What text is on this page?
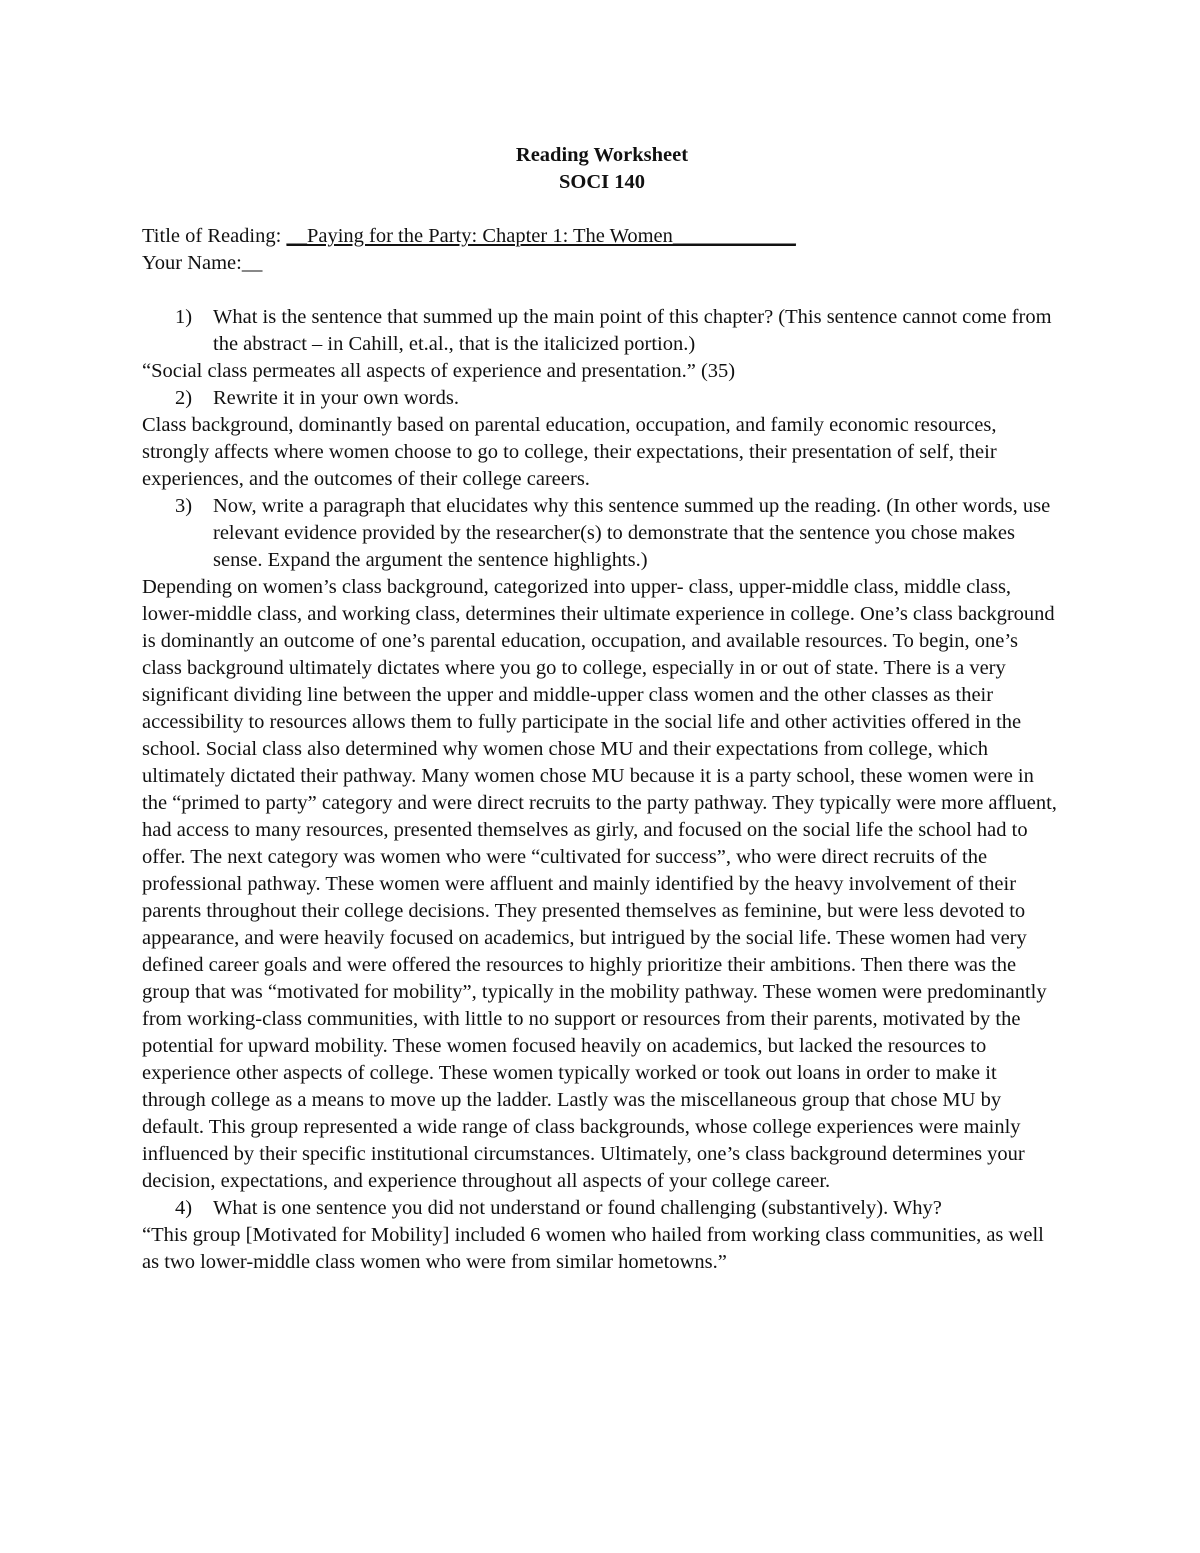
Reading Worksheet
SOCI 140
Title of Reading: __Paying for the Party: Chapter 1: The Women____________
Your Name:__
1) What is the sentence that summed up the main point of this chapter? (This sentence cannot come from the abstract – in Cahill, et.al., that is the italicized portion.)

“Social class permeates all aspects of experience and presentation.” (35)

2) Rewrite it in your own words.

Class background, dominantly based on parental education, occupation, and family economic resources, strongly affects where women choose to go to college, their expectations, their presentation of self, their experiences, and the outcomes of their college careers.

3) Now, write a paragraph that elucidates why this sentence summed up the reading. (In other words, use relevant evidence provided by the researcher(s) to demonstrate that the sentence you chose makes sense. Expand the argument the sentence highlights.)

Depending on women’s class background, categorized into upper- class, upper-middle class, middle class, lower-middle class, and working class, determines their ultimate experience in college. One’s class background is dominantly an outcome of one’s parental education, occupation, and available resources. To begin, one’s class background ultimately dictates where you go to college, especially in or out of state. There is a very significant dividing line between the upper and middle-upper class women and the other classes as their accessibility to resources allows them to fully participate in the social life and other activities offered in the school. Social class also determined why women chose MU and their expectations from college, which ultimately dictated their pathway. Many women chose MU because it is a party school, these women were in the “primed to party” category and were direct recruits to the party pathway. They typically were more affluent, had access to many resources, presented themselves as girly, and focused on the social life the school had to offer. The next category was women who were “cultivated for success”, who were direct recruits of the professional pathway. These women were affluent and mainly identified by the heavy involvement of their parents throughout their college decisions. They presented themselves as feminine, but were less devoted to appearance, and were heavily focused on academics, but intrigued by the social life. These women had very defined career goals and were offered the resources to highly prioritize their ambitions. Then there was the group that was “motivated for mobility”, typically in the mobility pathway. These women were predominantly from working-class communities, with little to no support or resources from their parents, motivated by the potential for upward mobility. These women focused heavily on academics, but lacked the resources to experience other aspects of college. These women typically worked or took out loans in order to make it through college as a means to move up the ladder. Lastly was the miscellaneous group that chose MU by default. This group represented a wide range of class backgrounds, whose college experiences were mainly influenced by their specific institutional circumstances. Ultimately, one’s class background determines your decision, expectations, and experience throughout all aspects of your college career.

4) What is one sentence you did not understand or found challenging (substantively). Why?

“This group [Motivated for Mobility] included 6 women who hailed from working class communities, as well as two lower-middle class women who were from similar hometowns.”
